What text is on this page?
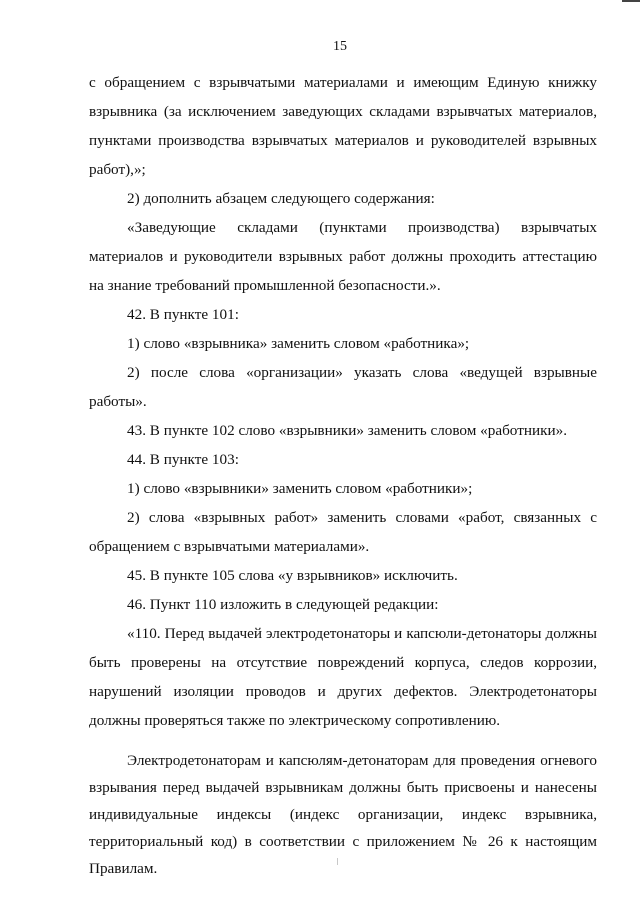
15

с обращением с взрывчатыми материалами и имеющим Единую книжку взрывника (за исключением заведующих складами взрывчатых материалов, пунктами производства взрывчатых материалов и руководителей взрывных работ),»;

2) дополнить абзацем следующего содержания:

«Заведующие складами (пунктами производства) взрывчатых материалов и руководители взрывных работ должны проходить аттестацию на знание требований промышленной безопасности.».

42. В пункте 101:

1) слово «взрывника» заменить словом «работника»;

2) после слова «организации» указать слова «ведущей взрывные работы».

43. В пункте 102 слово «взрывники» заменить словом «работники».

44. В пункте 103:

1) слово «взрывники» заменить словом «работники»;

2) слова «взрывных работ» заменить словами «работ, связанных с обращением с взрывчатыми материалами».

45. В пункте 105 слова «у взрывников» исключить.

46. Пункт 110 изложить в следующей редакции:

«110. Перед выдачей электродетонаторы и капсюли-детонаторы должны быть проверены на отсутствие повреждений корпуса, следов коррозии, нарушений изоляции проводов и других дефектов. Электродетонаторы должны проверяться также по электрическому сопротивлению.

Электродетонаторам и капсюлям-детонаторам для проведения огневого взрывания перед выдачей взрывникам должны быть присвоены и нанесены индивидуальные индексы (индекс организации, индекс взрывника, территориальный код) в соответствии с приложением № 26 к настоящим Правилам.
